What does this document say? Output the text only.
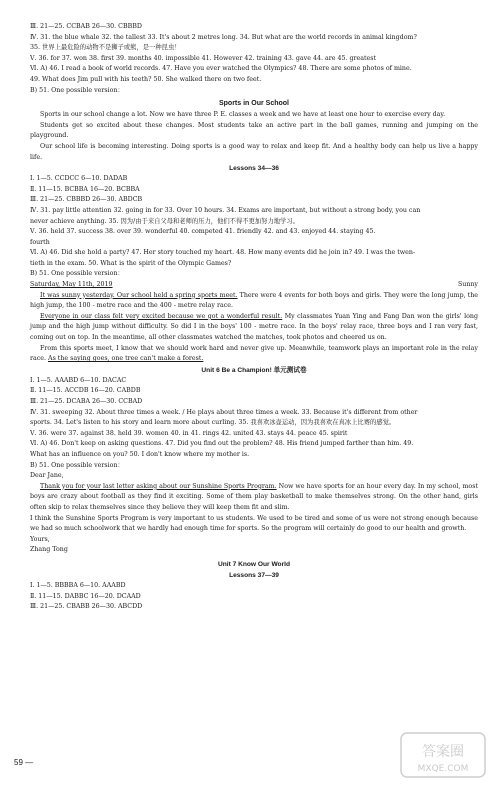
Ⅲ. 21—25. CCBAB 26—30. CBBBD
Ⅳ. 31. the blue whale 32. the tallest 33. It's about 2 metres long. 34. But what are the world records in animal kingdom?
35. 世界上最危险的动物不是狮子或熊，是一种昆虫！
Ⅴ. 36. for 37. won 38. first 39. months 40. impossible 41. However 42. training 43. gave 44. are 45. greatest
Ⅵ. A) 46. I read a book of world records. 47. Have you ever watched the Olympics? 48. There are some photos of mine.
49. What does Jim pull with his teeth? 50. She walked there on two feet.
B) 51. One possible version：
Sports in Our School
Sports in our school change a lot. Now we have three P. E. classes a week and we have at least one hour to exercise every day.
Students get so excited about these changes. Most students take an active part in the ball games, running and jumping on the playground.
Our school life is becoming interesting. Doing sports is a good way to relax and keep fit. And a healthy body can help us live a happy life.
Lessons 34—36
Ⅰ. 1—5. CCDCC 6—10. DADAB
Ⅱ. 11—15. BCBBA 16—20. BCBBA
Ⅲ. 21—25. CBBBD 26—30. ABDCB
Ⅳ. 31. pay little attention 32. going in for 33. Over 10 hours. 34. Exams are important, but without a strong body, you can
never achieve anything. 35. 因为/由于来自父母和老师的压力，他们不得不更加努力地学习。
Ⅴ. 36. held 37. success 38. over 39. wonderful 40. competed 41. friendly 42. and 43. enjoyed 44. staying 45.
fourth
Ⅵ. A) 46. Did she hold a party? 47. Her story touched my heart. 48. How many events did he join in? 49. I was the twen-
tieth in the exam. 50. What is the spirit of the Olympic Games?
B) 51. One possible version：
Saturday, May 11th, 2019	Sunny
It was sunny yesterday. Our school held a spring sports meet. There were 4 events for both boys and girls. They were the long jump, the high jump, the 100 - metre race and the 400 - metre relay race.
Everyone in our class felt very excited because we got a wonderful result. My classmates Yuan Ying and Fang Dan won the girls' long jump and the high jump without difficulty. So did I in the boys' 100 - metre race. In the boys' relay race, three boys and I ran very fast, coming out on top. In the meantime, all other classmates watched the matches, took photos and cheered us on.
From this sports meet, I know that we should work hard and never give up. Meanwhile, teamwork plays an important role in the relay race. As the saying goes, one tree can't make a forest.
Unit 6 Be a Champion! 单元测试卷
Ⅰ. 1—5. AAABD 6—10. DACAC
Ⅱ. 11—15. ACCDB 16—20. CABDB
Ⅲ. 21—25. DCABA 26—30. CCBAD
Ⅳ. 31. sweeping 32. About three times a week. / He plays about three times a week. 33. Because it's different from other
sports. 34. Let's listen to his story and learn more about curling. 35. 我喜欢冰壶运动，因为我喜欢在真冰上比赛的感觉。
Ⅴ. 36. were 37. against 38. held 39. women 40. in 41. rings 42. united 43. stays 44. peace 45. spirit
Ⅵ. A) 46. Don't keep on asking questions. 47. Did you find out the problem? 48. His friend jumped farther than him. 49.
What has an influence on you? 50. I don't know where my mother is.
B) 51. One possible version：
Dear Jane,
Thank you for your last letter asking about our Sunshine Sports Program. Now we have sports for an hour every day. In my school, most boys are crazy about football as they find it exciting. Some of them play basketball to make themselves strong. On the other hand, girls often skip to relax themselves since they believe they will keep them fit and slim.
I think the Sunshine Sports Program is very important to us students. We used to be tired and some of us were not strong enough because we had so much schoolwork that we hardly had enough time for sports. So the program will certainly do good to our health and growth.
Yours,
Zhang Tong
Unit 7 Know Our World
Lessons 37—39
Ⅰ. 1—5. BBBBA 6—10. AAABD
Ⅱ. 11—15. DABBC 16—20. DCAAD
Ⅲ. 21—25. CBABB 26—30. ABCDD
59 —
答案圈
MXQE.COM
